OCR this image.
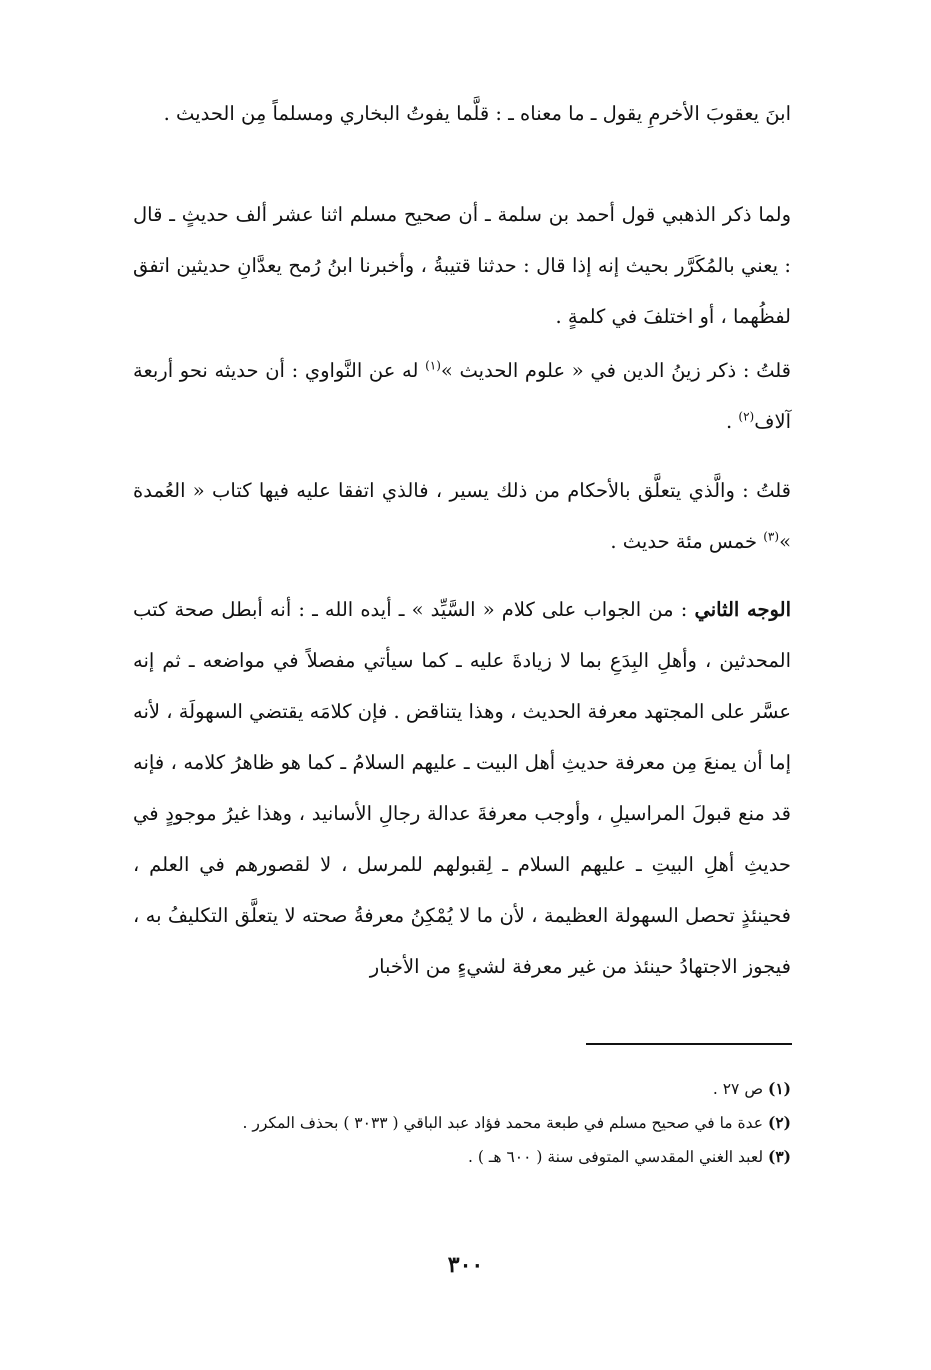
ابنَ يعقوبَ الأخرمِ يقول ـ ما معناه ـ : قلَّما يفوتُ البخاري ومسلماً مِن الحديث .

ولما ذكر الذهبي قول أحمد بن سلمة ـ أن صحيح مسلم اثنا عشر ألف حديثٍ ـ قال : يعني بالمُكَرَّر بحيث إنه إذا قال : حدثنا قتيبةُ ، وأخبرنا ابنُ رُمح يعدَّانِ حديثين اتفق لفظُهما ، أو اختلفَ في كلمةٍ .

قلتُ : ذكر زينُ الدين في « علوم الحديث »$^{(١)}$ له عن النَّواوي : أن حديثه نحو أربعة آلاف$^{(٢)}$ .

قلتُ : والَّذي يتعلَّق بالأحكام من ذلك يسير ، فالذي اتفقا عليه فيها كتاب « العُمدة »$^{(٣)}$ خمس مئة حديث .

الوجه الثاني : من الجواب على كلام « السَّيِّد » ـ أيده الله ـ : أنه أبطل صحة كتب المحدثين ، وأهلِ البِدَعِ بما لا زيادةَ عليه ـ كما سيأتي مفصلاً في مواضعه ـ ثم إنه عسَّر على المجتهد معرفة الحديث ، وهذا يتناقض . فإن كلامَه يقتضي السهولَة ، لأنه إما أن يمنعَ مِن معرفة حديثِ أهل البيت ـ عليهم السلامُ ـ كما هو ظاهرُ كلامه ، فإنه قد منع قبولَ المراسيلِ ، وأوجب معرفةَ عدالة رجالِ الأسانيد ، وهذا غيرُ موجودٍ في حديثِ أهلِ البيتِ ـ عليهم السلام ـ لِقبولهم للمرسل ، لا لقصورهم في العلم ، فحينئذٍ تحصل السهولة العظيمة ، لأن ما لا يُمْكِنُ معرفةُ صحته لا يتعلَّق التكليفُ به ، فيجوز الاجتهادُ حينئذ من غير معرفة لشيءٍ من الأخبار

(١) ص ٢٧ .

(٢) عدة ما في صحيح مسلم في طبعة محمد فؤاد عبد الباقي ( ٣٠٣٣ ) بحذف المكرر .

(٣) لعبد الغني المقدسي المتوفى سنة ( ٦٠٠ هـ ) .

٣٠٠
